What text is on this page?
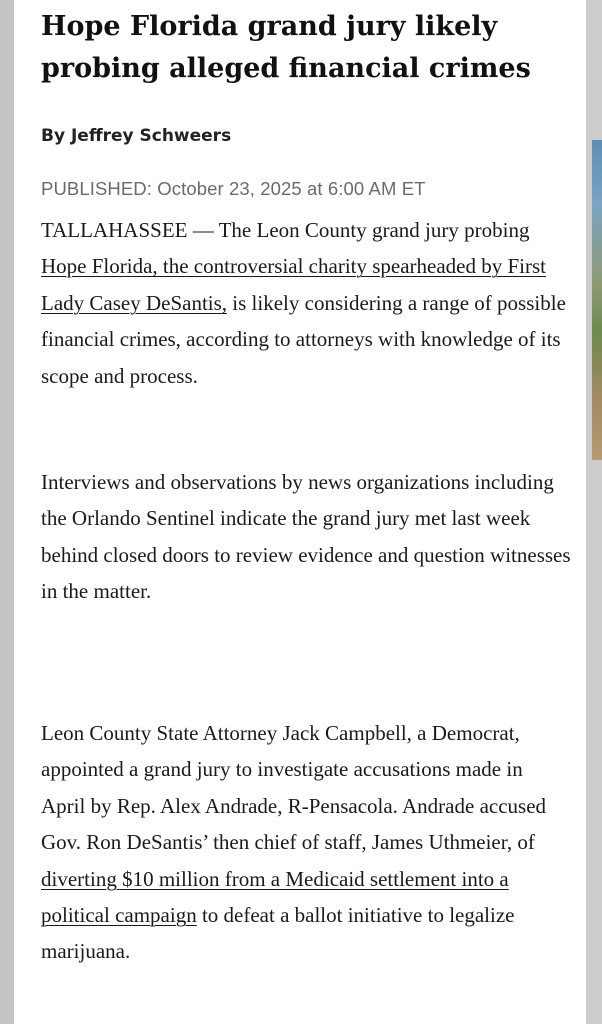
Hope Florida grand jury likely probing alleged financial crimes
By Jeffrey Schweers
PUBLISHED: October 23, 2025 at 6:00 AM ET

TALLAHASSEE — The Leon County grand jury probing Hope Florida, the controversial charity spearheaded by First Lady Casey DeSantis, is likely considering a range of possible financial crimes, according to attorneys with knowledge of its scope and process.

Interviews and observations by news organizations including the Orlando Sentinel indicate the grand jury met last week behind closed doors to review evidence and question witnesses in the matter.

Leon County State Attorney Jack Campbell, a Democrat, appointed a grand jury to investigate accusations made in April by Rep. Alex Andrade, R-Pensacola. Andrade accused Gov. Ron DeSantis’ then chief of staff, James Uthmeier, of diverting $10 million from a Medicaid settlement into a political campaign to defeat a ballot initiative to legalize marijuana.
